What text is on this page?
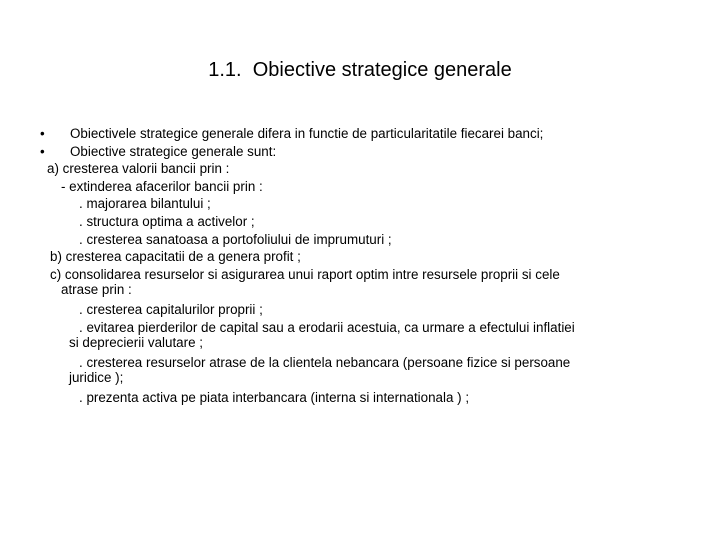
1.1.  Obiective strategice generale

•

Obiectivele strategice generale difera in functie de particularitatile fiecarei banci;

•

Obiective strategice generale sunt:

a) cresterea valorii bancii prin :

- extinderea afacerilor bancii prin :

. majorarea bilantului ;

. structura optima a activelor ;

. cresterea sanatoasa a portofoliului de imprumuturi ;

b) cresterea capacitatii de a genera profit ;

c) consolidarea resurselor si asigurarea unui raport optim intre resursele proprii si cele

atrase prin :

. cresterea capitalurilor proprii ;

. evitarea pierderilor de capital sau a erodarii acestuia, ca urmare a efectului inflatiei

si deprecierii valutare ;

. cresterea resurselor atrase de la clientela nebancara (persoane fizice si persoane

juridice );

. prezenta activa pe piata interbancara (interna si internationala ) ;
